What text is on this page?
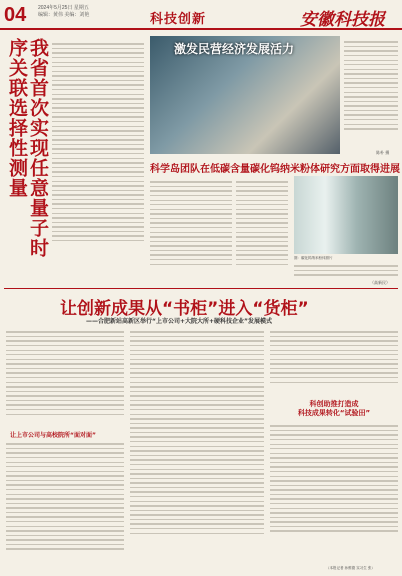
04 2024年5月25日 星期五
编辑：黄伟 美编：刘艳	科技创新	安徽科技报
我省首次实现任意量子时序关联选择性测量	激发民营经济发展活力
陈朴 摄
科学岛团队在低碳含量碳化钨纳米粉体研究方面取得进展
图：碳化钨纳米粉体照片
（高新民）
让创新成果从“书柜”进入“货柜”
——合肥新站高新区举行“上市公司+大院大所+硬科技企业”发展模式
让上市公司与高校院所“面对面”
科创助推打造成
科技成果转化“试验田”
（本报记者 孙维德 实习生 张）
